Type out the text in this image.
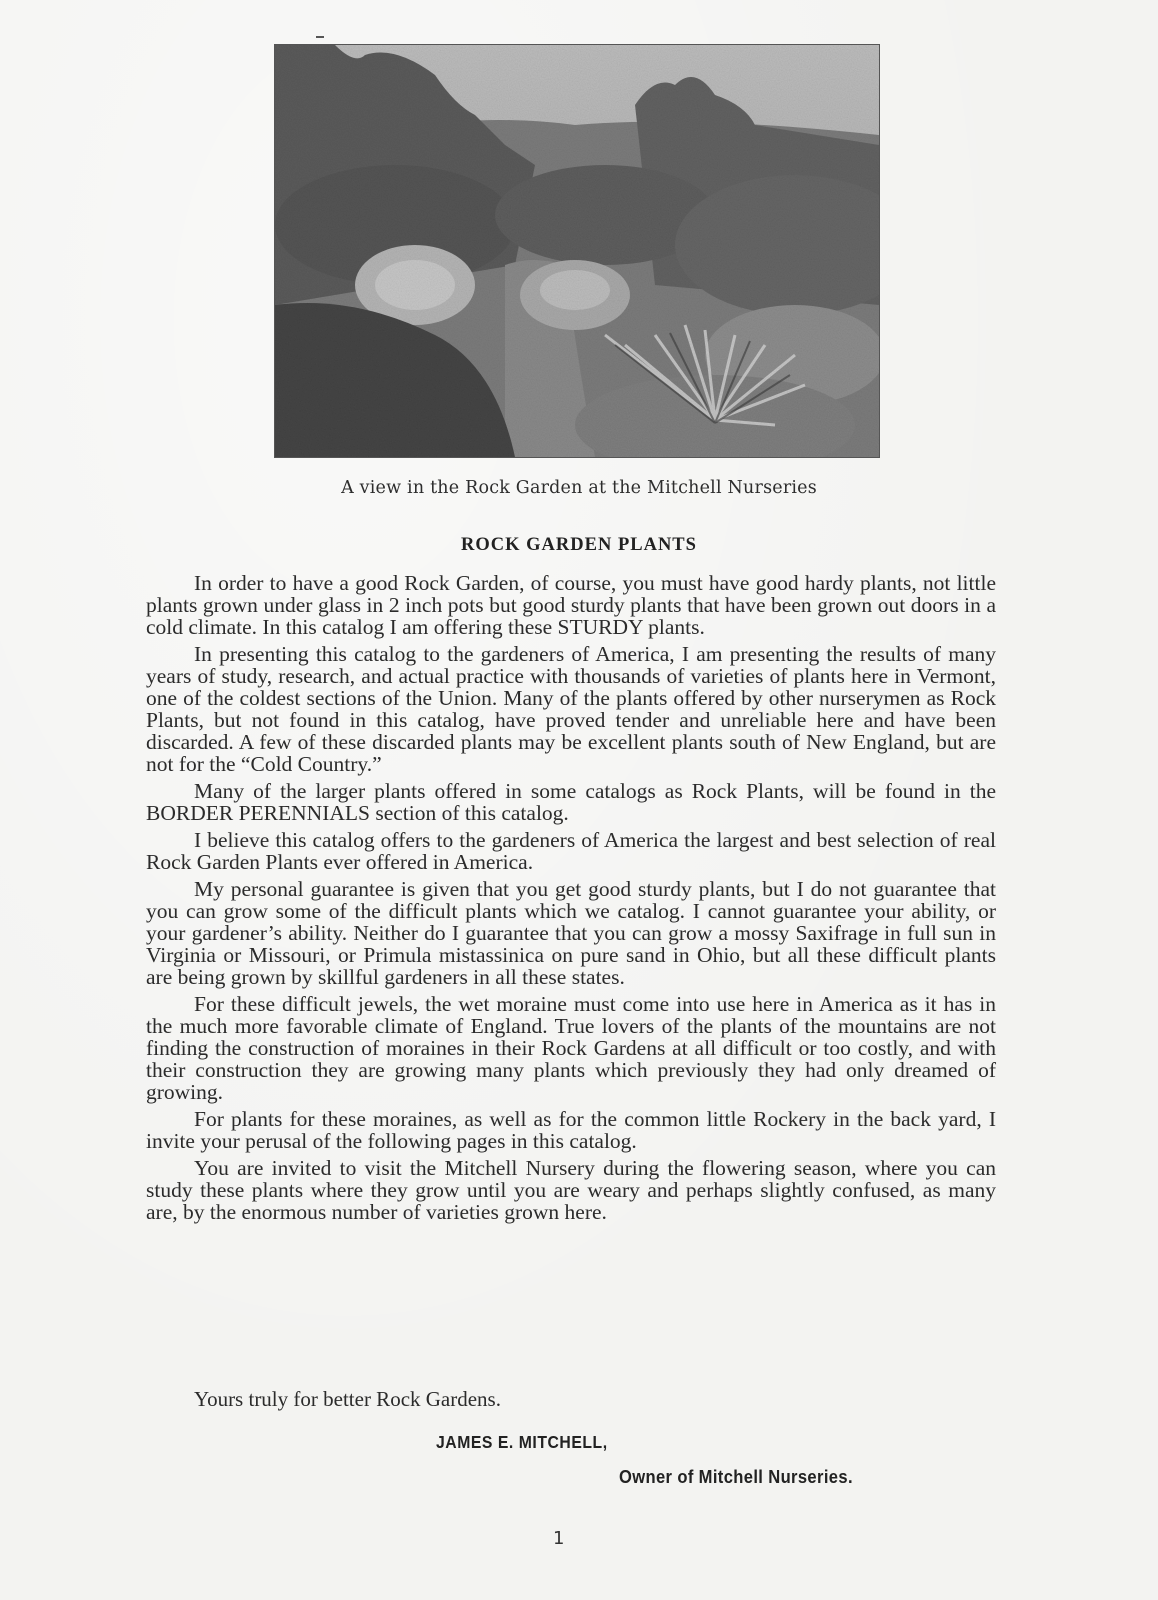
A view in the Rock Garden at the Mitchell Nurseries
ROCK GARDEN PLANTS

In order to have a good Rock Garden, of course, you must have good hardy plants, not little plants grown under glass in 2 inch pots but good sturdy plants that have been grown out doors in a cold climate. In this catalog I am offering these STURDY plants.

In presenting this catalog to the gardeners of America, I am presenting the results of many years of study, research, and actual practice with thousands of varieties of plants here in Vermont, one of the coldest sections of the Union. Many of the plants offered by other nurserymen as Rock Plants, but not found in this catalog, have proved tender and unreliable here and have been discarded. A few of these discarded plants may be excellent plants south of New England, but are not for the “Cold Country.”

Many of the larger plants offered in some catalogs as Rock Plants, will be found in the BORDER PERENNIALS section of this catalog.

I believe this catalog offers to the gardeners of America the largest and best selection of real Rock Garden Plants ever offered in America.

My personal guarantee is given that you get good sturdy plants, but I do not guarantee that you can grow some of the difficult plants which we catalog. I cannot guarantee your ability, or your gardener’s ability. Neither do I guarantee that you can grow a mossy Saxifrage in full sun in Virginia or Missouri, or Primula mistassinica on pure sand in Ohio, but all these difficult plants are being grown by skillful gardeners in all these states.

For these difficult jewels, the wet moraine must come into use here in America as it has in the much more favorable climate of England. True lovers of the plants of the mountains are not finding the construction of moraines in their Rock Gardens at all difficult or too costly, and with their construction they are growing many plants which previously they had only dreamed of growing.

For plants for these moraines, as well as for the common little Rockery in the back yard, I invite your perusal of the following pages in this catalog.

You are invited to visit the Mitchell Nursery during the flowering season, where you can study these plants where they grow until you are weary and perhaps slightly confused, as many are, by the enormous number of varieties grown here.

Yours truly for better Rock Gardens.
JAMES E. MITCHELL,
Owner of Mitchell Nurseries.
1
